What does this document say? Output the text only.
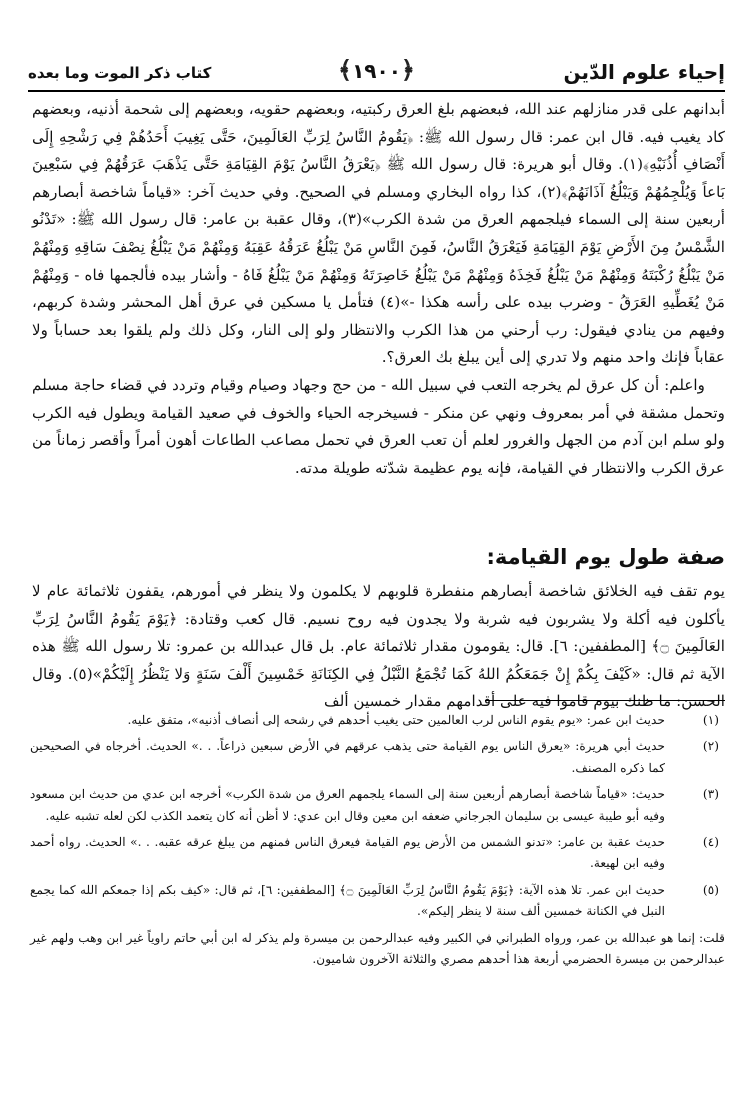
إحياء علوم الدّين
﴿١٩٠٠﴾
كتاب ذكر الموت وما بعده

أبدانهم على قدر منازلهم عند الله، فبعضهم بلغ العرق ركبتيه، وبعضهم حقويه، وبعضهم إلى شحمة أذنيه، وبعضهم كاد يغيب فيه. قال ابن عمر: قال رسول الله ﷺ: ﴿يَقُومُ النَّاسُ لِرَبِّ العَالَمِينَ، حَتَّى يَغِيبَ أَحَدُهُمْ فِي رَشْحِهِ إِلَى أَنْصَافِ أُذُنَيْهِ﴾(١). وقال أبو هريرة: قال رسول الله ﷺ ﴿يَعْرَقُ النَّاسُ يَوْمَ القِيَامَةِ حَتَّى يَذْهَبَ عَرَقُهُمْ فِي سَبْعِينَ بَاعاً وَيُلْجِمُهُمْ وَيَبْلُغُ آذَانَهُمْ﴾(٢)، كذا رواه البخاري ومسلم في الصحيح. وفي حديث آخر: «قياماً شاخصة أبصارهم أربعين سنة إلى السماء فيلجمهم العرق من شدة الكرب»(٣)، وقال عقبة بن عامر: قال رسول الله ﷺ: «تَدْنُو الشَّمْسُ مِنَ الأَرْضِ يَوْمَ القِيَامَةِ فَيَعْرَقُ النَّاسُ، فَمِنَ النَّاسِ مَنْ يَبْلُغُ عَرَقُهُ عَقِبَهُ وَمِنْهُمْ مَنْ يَبْلُغُ نِصْفَ سَاقِهِ وَمِنْهُمْ مَنْ يَبْلُغُ رُكْبَتَهُ وَمِنْهُمْ مَنْ يَبْلُغُ فَخِذَهُ وَمِنْهُمْ مَنْ يَبْلُغُ خَاصِرَتَهُ وَمِنْهُمْ مَنْ يَبْلُغُ فَاهُ - وأشار بيده فألجمها فاه - وَمِنْهُمْ مَنْ يُغَطِّيهِ العَرَقُ - وضرب بيده على رأسه هكذا -»(٤) فتأمل يا مسكين في عرق أهل المحشر وشدة كربهم، وفيهم من ينادي فيقول: رب أرحني من هذا الكرب والانتظار ولو إلى النار، وكل ذلك ولم يلقوا بعد حساباً ولا عقاباً فإنك واحد منهم ولا تدري إلى أين يبلغ بك العرق؟.

واعلم: أن كل عرق لم يخرجه التعب في سبيل الله - من حج وجهاد وصيام وقيام وتردد في قضاء حاجة مسلم وتحمل مشقة في أمر بمعروف ونهي عن منكر - فسيخرجه الحياء والخوف في صعيد القيامة ويطول فيه الكرب ولو سلم ابن آدم من الجهل والغرور لعلم أن تعب العرق في تحمل مصاعب الطاعات أهون أمراً وأقصر زماناً من عرق الكرب والانتظار في القيامة، فإنه يوم عظيمة شدّته طويلة مدته.

صفة طول يوم القيامة:
يوم تقف فيه الخلائق شاخصة أبصارهم منفطرة قلوبهم لا يكلمون ولا ينظر في أمورهم، يقفون ثلاثمائة عام لا يأكلون فيه أكلة ولا يشربون فيه شربة ولا يجدون فيه روح نسيم. قال كعب وقتادة: ﴿يَوْمَ يَقُومُ النَّاسُ لِرَبِّ العَالَمِينَ ۝﴾ [المطففين: ٦]. قال: يقومون مقدار ثلاثمائة عام. بل قال عبدالله بن عمرو: تلا رسول الله ﷺ هذه الآية ثم قال: «كَيْفَ بِكُمْ إِنْ جَمَعَكُمُ اللهُ كَمَا تُجْمَعُ النَّبْلُ فِي الكِنَانَةِ خَمْسِينَ أَلْفَ سَنَةٍ وَلا يَنْظُرُ إِلَيْكُمْ»(٥). وقال الحسن: ما ظنك بيوم قاموا فيه على أقدامهم مقدار خمسين ألف
(١)
حديث ابن عمر: «يوم يقوم الناس لرب العالمين حتى يغيب أحدهم في رشحه إلى أنصاف أذنيه»، متفق عليه.
(٢)
حديث أبي هريرة: «يعرق الناس يوم القيامة حتى يذهب عرقهم في الأرض سبعين ذراعاً. . .» الحديث. أخرجاه في الصحيحين كما ذكره المصنف.
(٣)
حديث: «قياماً شاخصة أبصارهم أربعين سنة إلى السماء يلجمهم العرق من شدة الكرب» أخرجه ابن عدي من حديث ابن مسعود وفيه أبو طيبة عيسى بن سليمان الجرجاني ضعفه ابن معين وقال ابن عدي: لا أظن أنه كان يتعمد الكذب لكن لعله تشبه عليه.
(٤)
حديث عقبة بن عامر: «تدنو الشمس من الأرض يوم القيامة فيعرق الناس فمنهم من يبلغ عرقه عقبه. . .» الحديث. رواه أحمد وفيه ابن لهيعة.
(٥)
حديث ابن عمر. تلا هذه الآية: ﴿يَوْمَ يَقُومُ النَّاسُ لِرَبِّ العَالَمِينَ ۝﴾ [المطففين: ٦]، ثم قال: «كيف بكم إذا جمعكم الله كما يجمع النبل في الكنانة خمسين ألف سنة لا ينظر إليكم».
قلت: إنما هو عبدالله بن عمر، ورواه الطبراني في الكبير وفيه عبدالرحمن بن ميسرة ولم يذكر له ابن أبي حاتم راوياً غير ابن وهب ولهم غير عبدالرحمن بن ميسرة الحضرمي أربعة هذا أحدهم مصري والثلاثة الآخرون شاميون.
